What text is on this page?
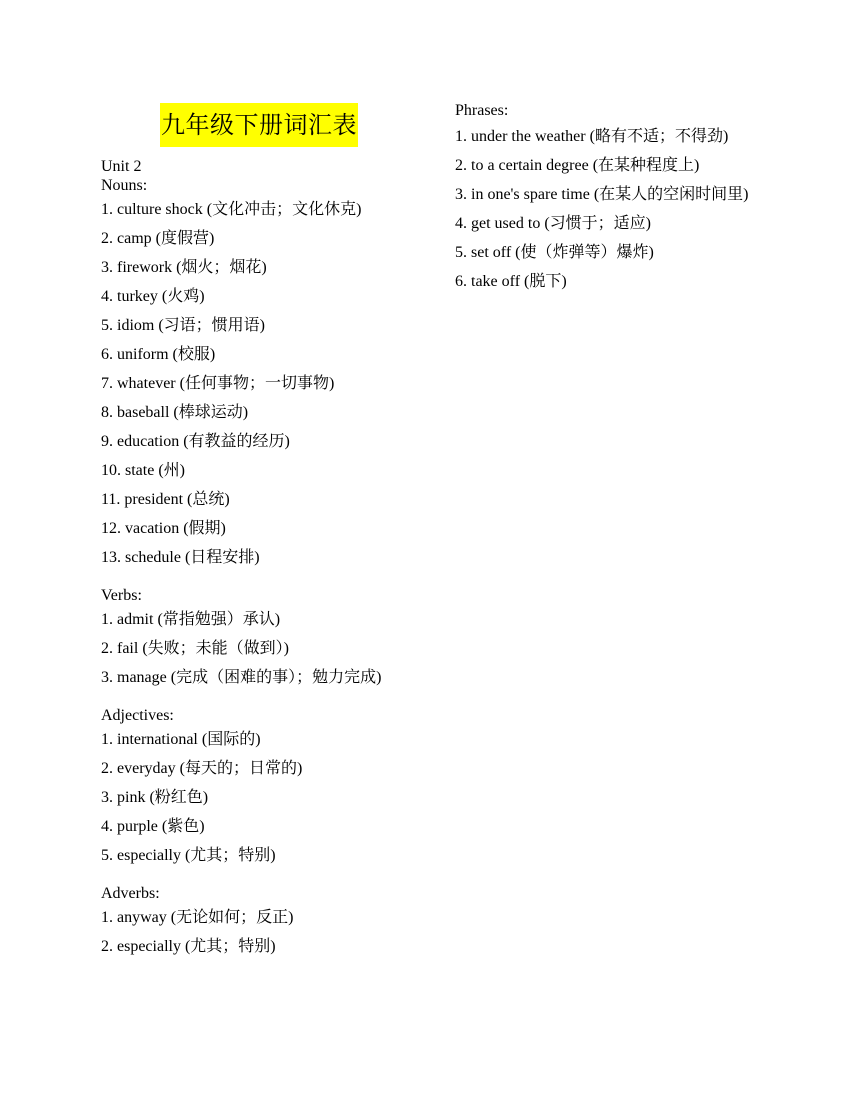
九年级下册词汇表
Unit 2
Nouns:
1. culture shock (文化冲击；文化休克)
2. camp (度假营)
3. firework (烟火；烟花)
4. turkey (火鸡)
5. idiom (习语；惯用语)
6. uniform (校服)
7. whatever (任何事物；一切事物)
8. baseball (棒球运动)
9. education (有教益的经历)
10. state (州)
11. president (总统)
12. vacation (假期)
13. schedule (日程安排)
Verbs:
1. admit (常指勉强）承认)
2. fail (失败；未能（做到）)
3. manage (完成（困难的事）；勉力完成)
Adjectives:
1. international (国际的)
2. everyday (每天的；日常的)
3. pink (粉红色)
4. purple (紫色)
5. especially (尤其；特别)
Adverbs:
1. anyway (无论如何；反正)
2. especially (尤其；特别)
Phrases:
1. under the weather (略有不适；不得劲)
2. to a certain degree (在某种程度上)
3. in one's spare time (在某人的空闲时间里)
4. get used to (习惯于；适应)
5. set off (使（炸弹等）爆炸)
6. take off (脱下)
